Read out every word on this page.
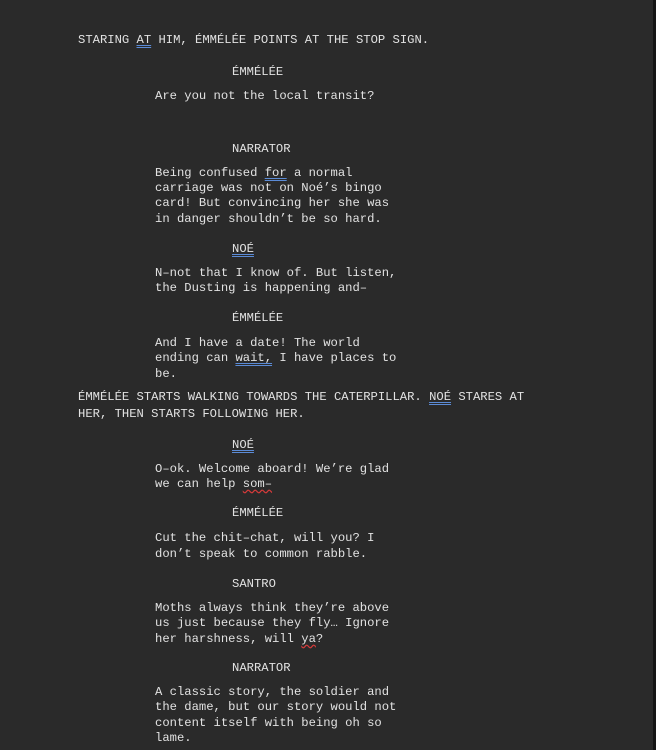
STARING AT HIM, ÉMMÉLÉE POINTS AT THE STOP SIGN.
ÉMMÉLÉE
Are you not the local transit?
NARRATOR
Being confused for a normal
carriage was not on Noé’s bingo
card! But convincing her she was
in danger shouldn’t be so hard.
NOÉ
N–not that I know of. But listen,
the Dusting is happening and–
ÉMMÉLÉE
And I have a date! The world
ending can wait, I have places to
be.
ÉMMÉLÉE STARTS WALKING TOWARDS THE CATERPILLAR. NOÉ STARES AT
HER, THEN STARTS FOLLOWING HER.
NOÉ
O–ok. Welcome aboard! We’re glad
we can help som–
ÉMMÉLÉE
Cut the chit–chat, will you? I
don’t speak to common rabble.
SANTRO
Moths always think they’re above
us just because they fly… Ignore
her harshness, will ya?
NARRATOR
A classic story, the soldier and
the dame, but our story would not
content itself with being oh so
lame.
